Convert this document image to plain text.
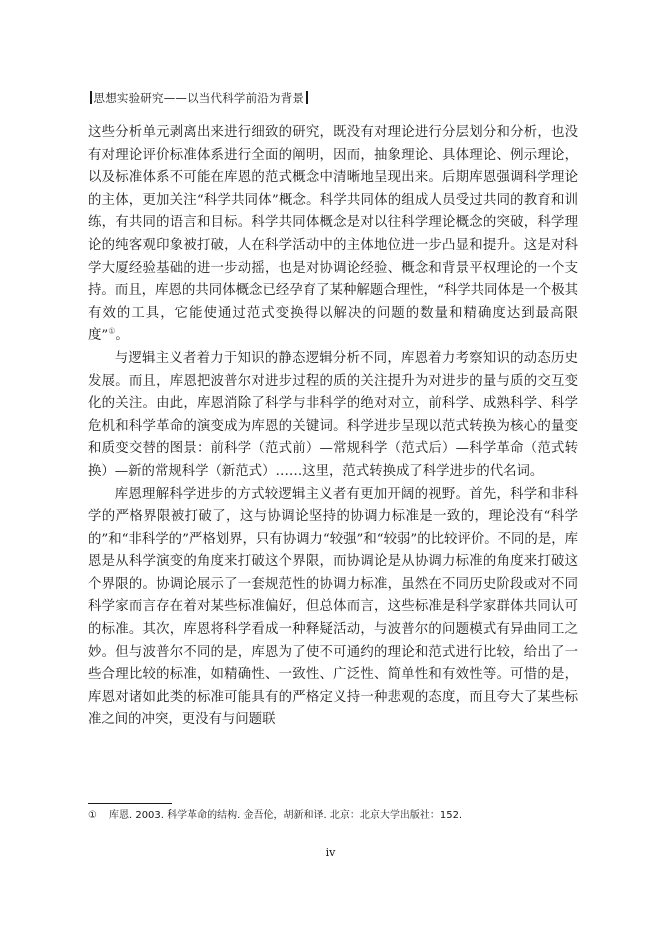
思想实验研究——以当代科学前沿为背景

这些分析单元剥离出来进行细致的研究，既没有对理论进行分层划分和分析，也没有对理论评价标准体系进行全面的阐明，因而，抽象理论、具体理论、例示理论，以及标准体系不可能在库恩的范式概念中清晰地呈现出来。后期库恩强调科学理论的主体，更加关注“科学共同体”概念。科学共同体的组成人员受过共同的教育和训练，有共同的语言和目标。科学共同体概念是对以往科学理论概念的突破，科学理论的纯客观印象被打破，人在科学活动中的主体地位进一步凸显和提升。这是对科学大厦经验基础的进一步动摇，也是对协调论经验、概念和背景平权理论的一个支持。而且，库恩的共同体概念已经孕育了某种解题合理性，“科学共同体是一个极其有效的工具，它能使通过范式变换得以解决的问题的数量和精确度达到最高限度”①。

与逻辑主义者着力于知识的静态逻辑分析不同，库恩着力考察知识的动态历史发展。而且，库恩把波普尔对进步过程的质的关注提升为对进步的量与质的交互变化的关注。由此，库恩消除了科学与非科学的绝对对立，前科学、成熟科学、科学危机和科学革命的演变成为库恩的关键词。科学进步呈现以范式转换为核心的量变和质变交替的图景：前科学（范式前）—常规科学（范式后）—科学革命（范式转换）—新的常规科学（新范式）……这里，范式转换成了科学进步的代名词。

库恩理解科学进步的方式较逻辑主义者有更加开阔的视野。首先，科学和非科学的严格界限被打破了，这与协调论坚持的协调力标准是一致的，理论没有“科学的”和“非科学的”严格划界，只有协调力“较强”和“较弱”的比较评价。不同的是，库恩是从科学演变的角度来打破这个界限，而协调论是从协调力标准的角度来打破这个界限的。协调论展示了一套规范性的协调力标准，虽然在不同历史阶段或对不同科学家而言存在着对某些标准偏好，但总体而言，这些标准是科学家群体共同认可的标准。其次，库恩将科学看成一种释疑活动，与波普尔的问题模式有异曲同工之妙。但与波普尔不同的是，库恩为了使不可通约的理论和范式进行比较，给出了一些合理比较的标准，如精确性、一致性、广泛性、简单性和有效性等。可惜的是，库恩对诸如此类的标准可能具有的严格定义持一种悲观的态度，而且夸大了某些标准之间的冲突，更没有与问题联

① 库恩. 2003. 科学革命的结构. 金吾伦，胡新和译. 北京：北京大学出版社：152.
iv
